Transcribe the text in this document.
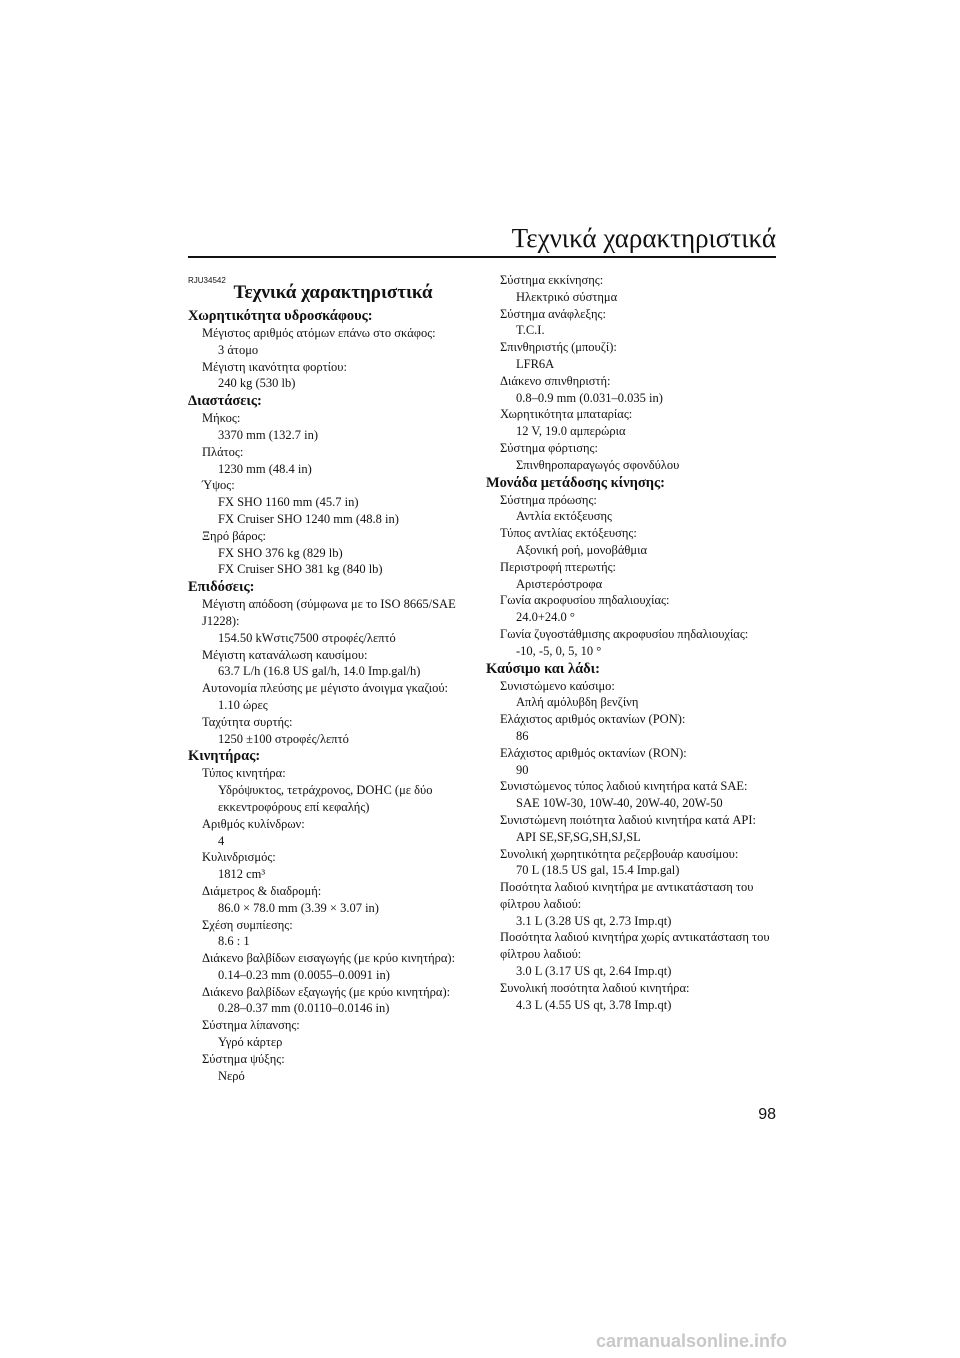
Τεχνικά χαρακτηριστικά
RJU34542
Τεχνικά χαρακτηριστικά
Χωρητικότητα υδροσκάφους:
Μέγιστος αριθμός ατόμων επάνω στο σκάφος:
3 άτομο
Μέγιστη ικανότητα φορτίου:
240 kg (530 lb)
Διαστάσεις:
Μήκος:
3370 mm (132.7 in)
Πλάτος:
1230 mm (48.4 in)
Ύψος:
FX SHO 1160 mm (45.7 in)
FX Cruiser SHO 1240 mm (48.8 in)
Ξηρό βάρος:
FX SHO 376 kg (829 lb)
FX Cruiser SHO 381 kg (840 lb)
Επιδόσεις:
Μέγιστη απόδοση (σύμφωνα με το ISO 8665/SAE J1228):
154.50 kWστις7500 στροφές/λεπτό
Μέγιστη κατανάλωση καυσίμου:
63.7 L/h (16.8 US gal/h, 14.0 Imp.gal/h)
Αυτονομία πλεύσης με μέγιστο άνοιγμα γκαζιού:
1.10 ώρες
Ταχύτητα συρτής:
1250 ±100 στροφές/λεπτό
Κινητήρας:
Τύπος κινητήρα:
Υδρόψυκτος, τετράχρονος, DOHC (με δύο εκκεντροφόρους επί κεφαλής)
Αριθμός κυλίνδρων:
4
Κυλινδρισμός:
1812 cm³
Διάμετρος & διαδρομή:
86.0 × 78.0 mm (3.39 × 3.07 in)
Σχέση συμπίεσης:
8.6 : 1
Διάκενο βαλβίδων εισαγωγής (με κρύο κινητήρα):
0.14–0.23 mm (0.0055–0.0091 in)
Διάκενο βαλβίδων εξαγωγής (με κρύο κινητήρα):
0.28–0.37 mm (0.0110–0.0146 in)
Σύστημα λίπανσης:
Υγρό κάρτερ
Σύστημα ψύξης:
Νερό
Σύστημα εκκίνησης:
Ηλεκτρικό σύστημα
Σύστημα ανάφλεξης:
T.C.I.
Σπινθηριστής (μπουζί):
LFR6A
Διάκενο σπινθηριστή:
0.8–0.9 mm (0.031–0.035 in)
Χωρητικότητα μπαταρίας:
12 V, 19.0 αμπερώρια
Σύστημα φόρτισης:
Σπινθηροπαραγωγός σφονδύλου
Μονάδα μετάδοσης κίνησης:
Σύστημα πρόωσης:
Αντλία εκτόξευσης
Τύπος αντλίας εκτόξευσης:
Αξονική ροή, μονοβάθμια
Περιστροφή πτερωτής:
Αριστερόστροφα
Γωνία ακροφυσίου πηδαλιουχίας:
24.0+24.0 °
Γωνία ζυγοστάθμισης ακροφυσίου πηδαλιουχίας:
-10, -5, 0, 5, 10 °
Καύσιμο και λάδι:
Συνιστώμενο καύσιμο:
Απλή αμόλυβδη βενζίνη
Ελάχιστος αριθμός οκτανίων (PON):
86
Ελάχιστος αριθμός οκτανίων (RON):
90
Συνιστώμενος τύπος λαδιού κινητήρα κατά SAE:
SAE 10W-30, 10W-40, 20W-40, 20W-50
Συνιστώμενη ποιότητα λαδιού κινητήρα κατά API:
API SE,SF,SG,SH,SJ,SL
Συνολική χωρητικότητα ρεζερβουάρ καυσίμου:
70 L (18.5 US gal, 15.4 Imp.gal)
Ποσότητα λαδιού κινητήρα με αντικατάσταση του φίλτρου λαδιού:
3.1 L (3.28 US qt, 2.73 Imp.qt)
Ποσότητα λαδιού κινητήρα χωρίς αντικατάσταση του φίλτρου λαδιού:
3.0 L (3.17 US qt, 2.64 Imp.qt)
Συνολική ποσότητα λαδιού κινητήρα:
4.3 L (4.55 US qt, 3.78 Imp.qt)
98
carmanualsonline.info
